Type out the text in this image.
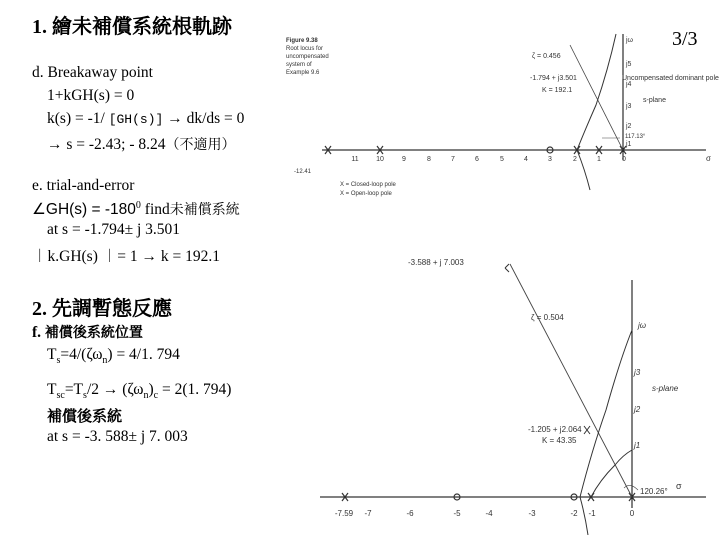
1. 繪未補償系統根軌跡
3/3
d. Breakaway point
1+kGH(s) = 0
k(s) = -1/ [GH(s)] → dk/ds = 0
→ s = -2.43; - 8.24（不適用）
e. trial-and-error
∠GH(s) = $-180^0$ find未補償系統
at s = -1.794± j 3.501
︱k.GH(s) ︱= 1 → k = 192.1
2. 先調暫態反應
f. 補償後系統位置
$T_s=4/(\zeta\omega_n) = 4/1$. 794
$T_{sc}=T_s/2 \to (\zeta\omega_n)_c = 2(1$. 794)
補償後系統
at s = -3. 588± j 7. 003
Figure 9.38
Root locus for
uncompensated
system of
Example 9.6
jω
j5
j4
j3
j2
j1
11 10	9	8	7	6	5	4	3	2	1	0	σ
-12.41
ζ = 0.456
-1.794 + j3.501
K = 192.1
Uncompensated dominant pole
s-plane
117.13°
X = Closed-loop pole
X = Open-loop pole
jω
j3
j2
j1
s-plane
-7.59	-6	-5	-4	-3	-2 -1	0
-7
σ
ζ = 0.504
-3.588 + j 7.003
-1.205 + j2.064
K = 43.35
120.26°
